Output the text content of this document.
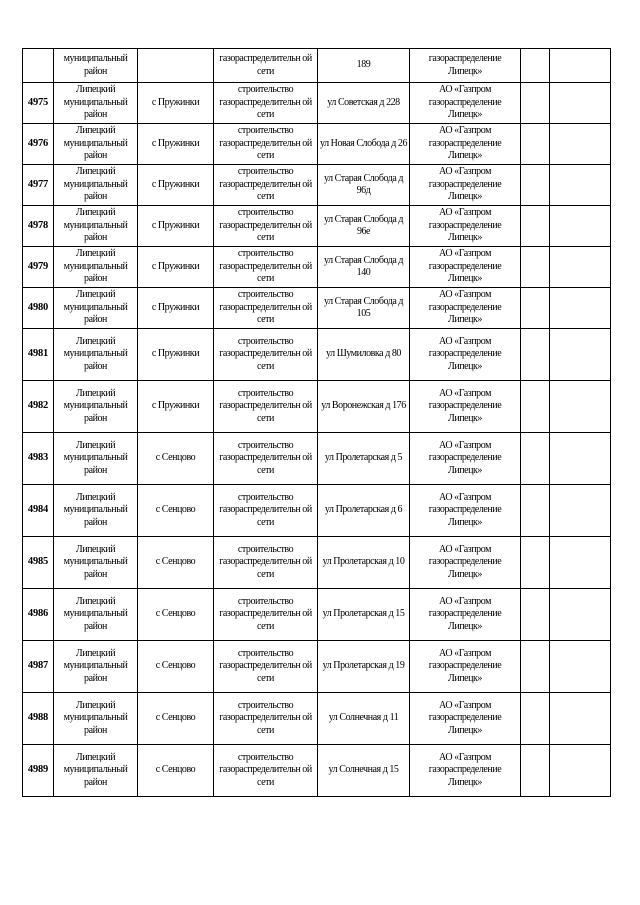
	муниципальный район		газораспределительн ой сети	189	газораспределение Липецк»		
4975	Липецкий муниципальный район	с Пружинки	строительство газораспределительн ой сети	ул Советская д 228	АО «Газпром газораспределение Липецк»		
4976	Липецкий муниципальный район	с Пружинки	строительство газораспределительн ой сети	ул Новая Слобода д 26	АО «Газпром газораспределение Липецк»		
4977	Липецкий муниципальный район	с Пружинки	строительство газораспределительн ой сети	ул Старая Слобода д 96д	АО «Газпром газораспределение Липецк»		
4978	Липецкий муниципальный район	с Пружинки	строительство газораспределительн ой сети	ул Старая Слобода д 96е	АО «Газпром газораспределение Липецк»		
4979	Липецкий муниципальный район	с Пружинки	строительство газораспределительн ой сети	ул Старая Слобода д 140	АО «Газпром газораспределение Липецк»		
4980	Липецкий муниципальный район	с Пружинки	строительство газораспределительн ой сети	ул Старая Слобода д 105	АО «Газпром газораспределение Липецк»		
4981	Липецкий муниципальный район	с Пружинки	строительство газораспределительн ой сети	ул Шумиловка д 80	АО «Газпром газораспределение Липецк»		
4982	Липецкий муниципальный район	с Пружинки	строительство газораспределительн ой сети	ул Воронежская д 176	АО «Газпром газораспределение Липецк»		
4983	Липецкий муниципальный район	с Сенцово	строительство газораспределительн ой сети	ул Пролетарская д 5	АО «Газпром газораспределение Липецк»		
4984	Липецкий муниципальный район	с Сенцово	строительство газораспределительн ой сети	ул Пролетарская д 6	АО «Газпром газораспределение Липецк»		
4985	Липецкий муниципальный район	с Сенцово	строительство газораспределительн ой сети	ул Пролетарская д 10	АО «Газпром газораспределение Липецк»		
4986	Липецкий муниципальный район	с Сенцово	строительство газораспределительн ой сети	ул Пролетарская д 15	АО «Газпром газораспределение Липецк»		
4987	Липецкий муниципальный район	с Сенцово	строительство газораспределительн ой сети	ул Пролетарская д 19	АО «Газпром газораспределение Липецк»		
4988	Липецкий муниципальный район	с Сенцово	строительство газораспределительн ой сети	ул Солнечная д 11	АО «Газпром газораспределение Липецк»		
4989	Липецкий муниципальный район	с Сенцово	строительство газораспределительн ой сети	ул Солнечная д 15	АО «Газпром газораспределение Липецк»		
